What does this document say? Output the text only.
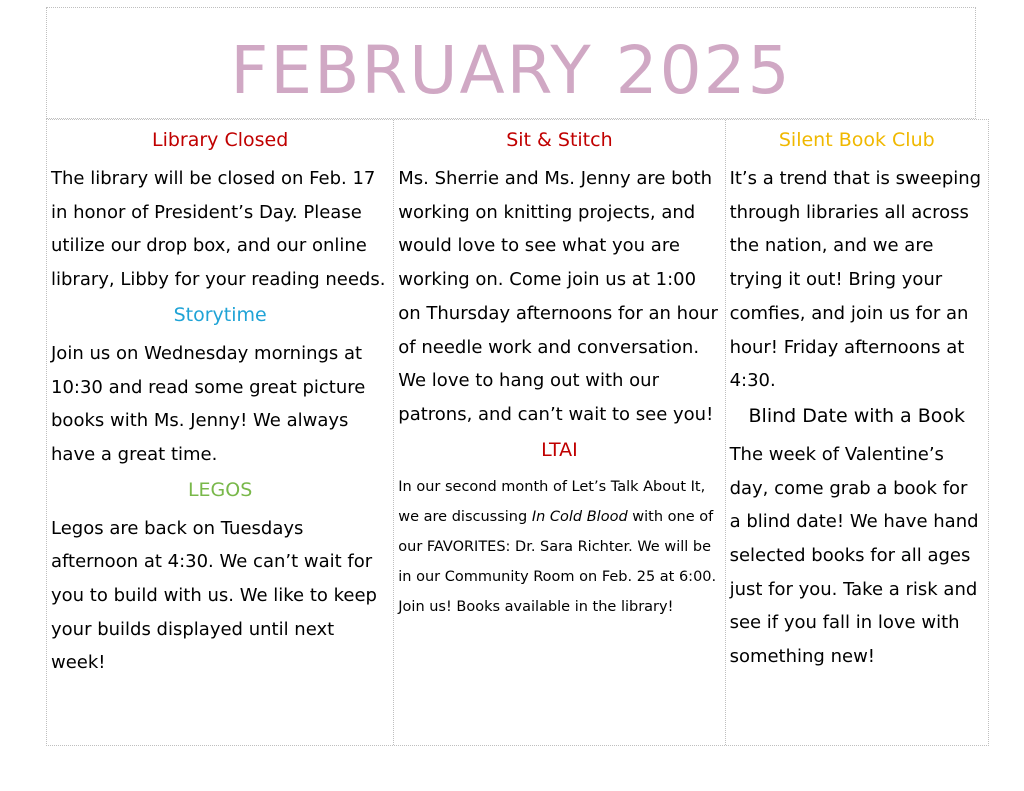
FEBRUARY 2025
Library Closed
The library will be closed on Feb. 17 in honor of President’s Day. Please utilize our drop box, and our online library, Libby for your reading needs.
Storytime
Join us on Wednesday mornings at 10:30 and read some great picture books with Ms. Jenny! We always have a great time.
LEGOS
Legos are back on Tuesdays afternoon at 4:30. We can’t wait for you to build with us. We like to keep your builds displayed until next week!
Sit & Stitch
Ms. Sherrie and Ms. Jenny are both working on knitting projects, and would love to see what you are working on. Come join us at 1:00 on Thursday afternoons for an hour of needle work and conversation. We love to hang out with our patrons, and can’t wait to see you!
LTAI
In our second month of Let’s Talk About It, we are discussing In Cold Blood with one of our FAVORITES: Dr. Sara Richter. We will be in our Community Room on Feb. 25 at 6:00. Join us! Books available in the library!
Silent Book Club
It’s a trend that is sweeping through libraries all across the nation, and we are trying it out! Bring your comfies, and join us for an hour! Friday afternoons at 4:30.
Blind Date with a Book
The week of Valentine’s day, come grab a book for a blind date! We have hand selected books for all ages just for you. Take a risk and see if you fall in love with something new!
